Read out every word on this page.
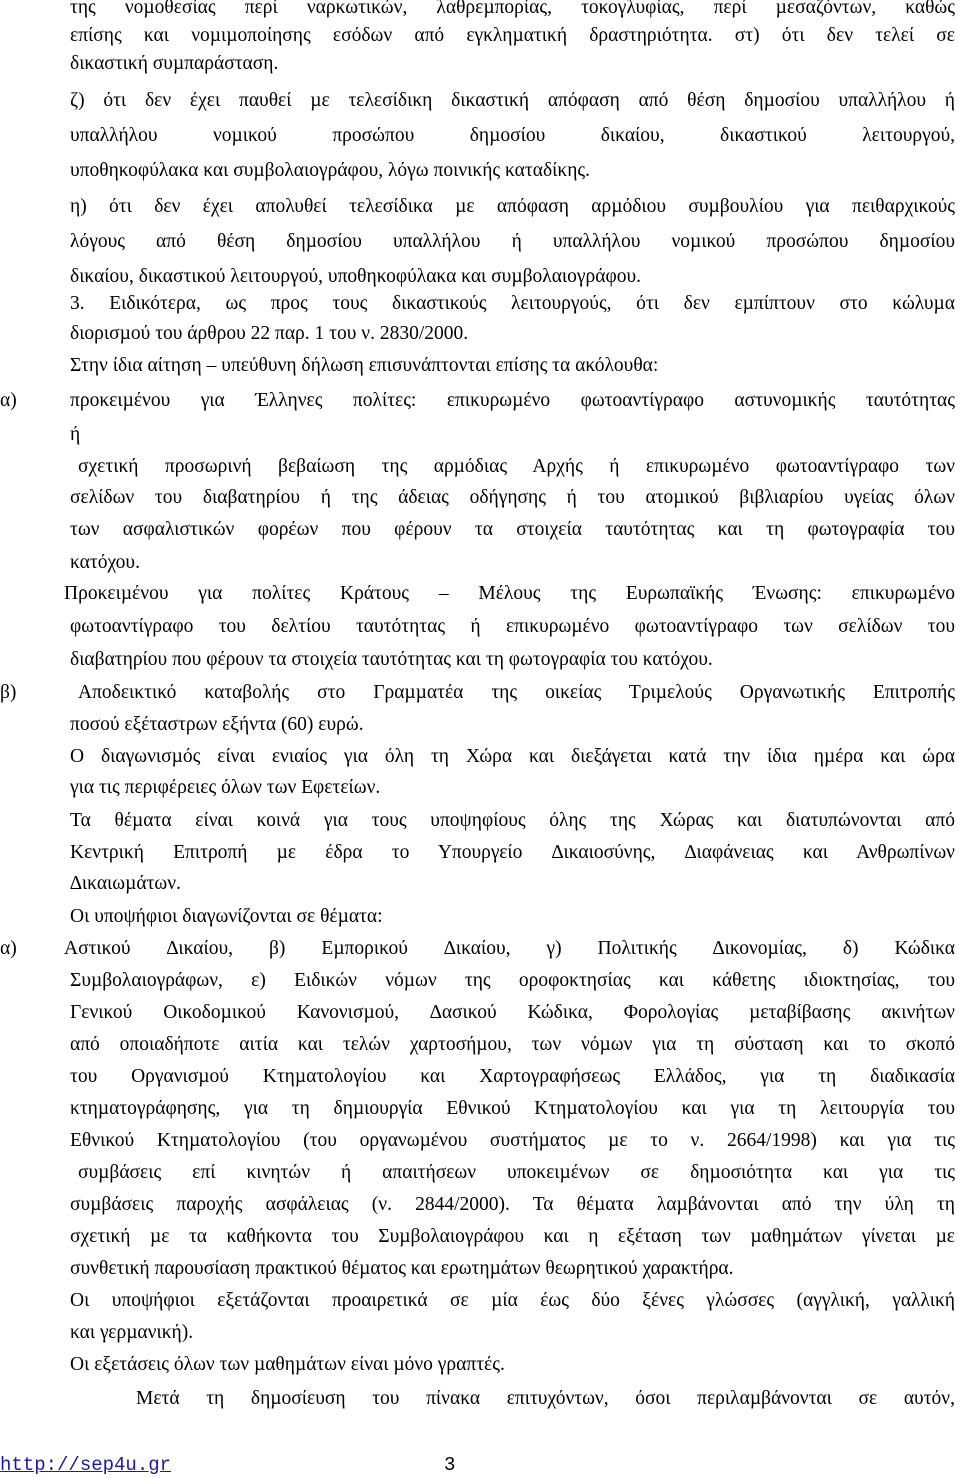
της νοµοθεσίας περί ναρκωτικών, λαθρεµπορίας, τοκογλυφίας, περί µεσαζόντων, καθώς

επίσης και νοµιµοποίησης εσόδων από εγκληµατική δραστηριότητα. στ) ότι δεν τελεί σε

δικαστική συµπαράσταση.

ζ) ότι δεν έχει παυθεί µε τελεσίδικη δικαστική απόφαση από θέση δηµοσίου υπαλλήλου ή

υπαλλήλου νοµικού προσώπου δηµοσίου δικαίου, δικαστικού λειτουργού,

υποθηκοφύλακα και συµβολαιογράφου, λόγω ποινικής καταδίκης.

η) ότι δεν έχει απολυθεί τελεσίδικα µε απόφαση αρµόδιου συµβουλίου για πειθαρχικούς

λόγους από θέση δηµοσίου υπαλλήλου ή υπαλλήλου νοµικού προσώπου δηµοσίου

δικαίου, δικαστικού λειτουργού, υποθηκοφύλακα και συµβολαιογράφου.

3. Ειδικότερα, ως προς τους δικαστικούς λειτουργούς, ότι δεν εµπίπτουν στο κώλυµα

διορισµού του άρθρου 22 παρ. 1 του ν. 2830/2000.

Στην ίδια αίτηση – υπεύθυνη δήλωση επισυνάπτονται επίσης τα ακόλουθα:

α)	προκειµένου για Έλληνες πολίτες: επικυρωµένο φωτοαντίγραφο αστυνοµικής ταυτότητας

ή

σχετική προσωρινή βεβαίωση της αρµόδιας Αρχής ή επικυρωµένο φωτοαντίγραφο των

σελίδων του διαβατηρίου ή της άδειας οδήγησης ή του ατοµικού βιβλιαρίου υγείας όλων

των ασφαλιστικών φορέων που φέρουν τα στοιχεία ταυτότητας και τη φωτογραφία του

κατόχου.

Προκειµένου για πολίτες Κράτους – Μέλους της Ευρωπαϊκής Ένωσης: επικυρωµένο

φωτοαντίγραφο του δελτίου ταυτότητας ή επικυρωµένο φωτοαντίγραφο των σελίδων του

διαβατηρίου που φέρουν τα στοιχεία ταυτότητας και τη φωτογραφία του κατόχου.

β)	Αποδεικτικό καταβολής στο Γραµµατέα της οικείας Τριµελούς Οργανωτικής Επιτροπής

ποσού εξέταστρων εξήντα (60) ευρώ.

Ο διαγωνισµός είναι ενιαίος για όλη τη Χώρα και διεξάγεται κατά την ίδια ηµέρα και ώρα

για τις περιφέρειες όλων των Εφετείων.

Τα θέµατα είναι κοινά για τους υποψηφίους όλης της Χώρας και διατυπώνονται από

Κεντρική Επιτροπή µε έδρα το Υπουργείο ∆ικαιοσύνης, ∆ιαφάνειας και Ανθρωπίνων

∆ικαιωµάτων.

Οι υποψήφιοι διαγωνίζονται σε θέµατα:

α) Αστικού ∆ικαίου, β) Εµπορικού ∆ικαίου, γ) Πολιτικής ∆ικονοµίας, δ) Κώδικα

Συµβολαιογράφων, ε) Ειδικών νόµων της οροφοκτησίας και κάθετης ιδιοκτησίας, του

Γενικού Οικοδοµικού Κανονισµού, ∆ασικού Κώδικα, Φορολογίας µεταβίβασης ακινήτων

από οποιαδήποτε αιτία και τελών χαρτοσήµου, των νόµων για τη σύσταση και το σκοπό

του Οργανισµού Κτηµατολογίου και Χαρτογραφήσεως Ελλάδος, για τη διαδικασία

κτηµατογράφησης, για τη δηµιουργία Εθνικού Κτηµατολογίου και για τη λειτουργία του

Εθνικού Κτηµατολογίου (του οργανωµένου συστήµατος µε το ν. 2664/1998) και για τις

συµβάσεις επί κινητών ή απαιτήσεων υποκειµένων σε δηµοσιότητα και για τις

συµβάσεις παροχής ασφάλειας (ν. 2844/2000). Τα θέµατα λαµβάνονται από την ύλη τη

σχετική µε τα καθήκοντα του Συµβολαιογράφου και η εξέταση των µαθηµάτων γίνεται µε

συνθετική παρουσίαση πρακτικού θέµατος και ερωτηµάτων θεωρητικού χαρακτήρα.

Οι υποψήφιοι εξετάζονται προαιρετικά σε µία έως δύο ξένες γλώσσες (αγγλική, γαλλική

και γερµανική).

Οι εξετάσεις όλων των µαθηµάτων είναι µόνο γραπτές.

Μετά τη δηµοσίευση του πίνακα επιτυχόντων, όσοι περιλαµβάνονται σε αυτόν,

http://sep4u.gr	3
